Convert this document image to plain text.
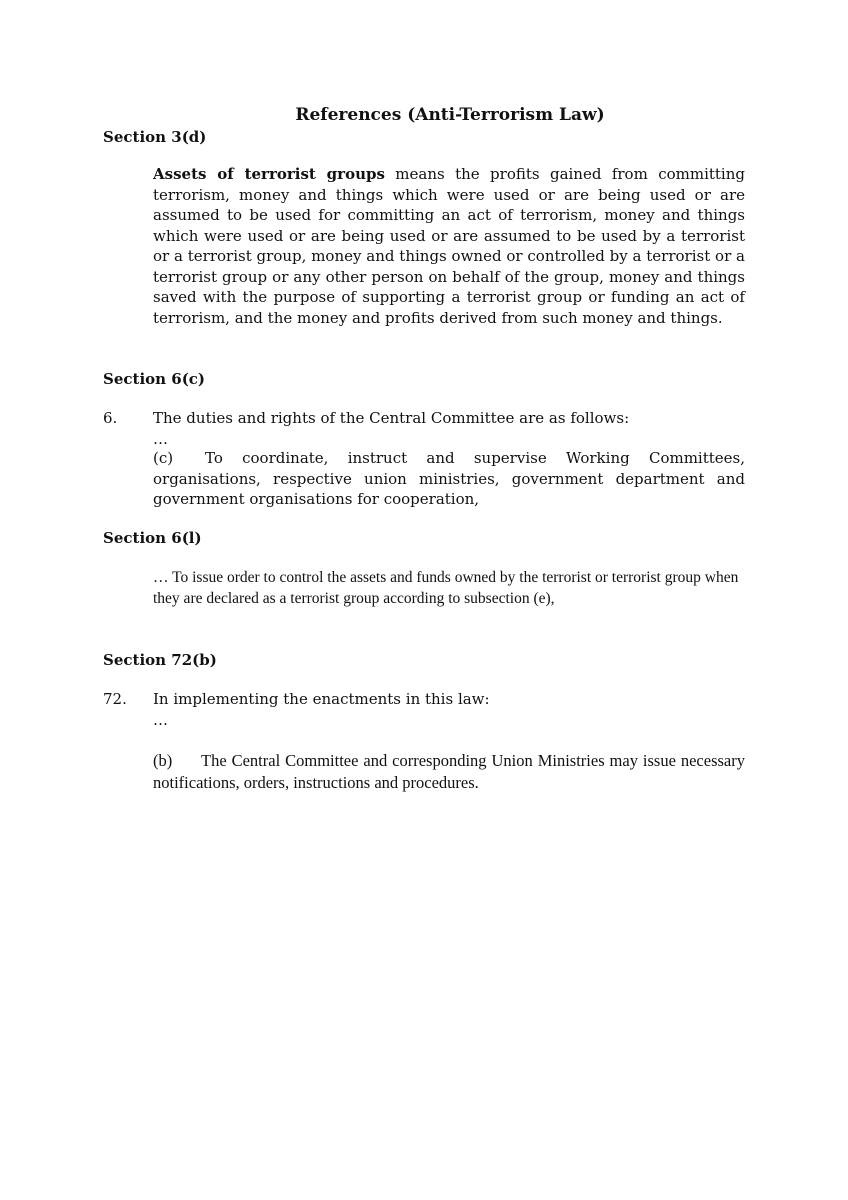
References (Anti-Terrorism Law)
Section 3(d)
Assets of terrorist groups means the profits gained from committing terrorism, money and things which were used or are being used or are assumed to be used for committing an act of terrorism, money and things which were used or are being used or are assumed to be used by a terrorist or a terrorist group, money and things owned or controlled by a terrorist or a terrorist group or any other person on behalf of the group, money and things saved with the purpose of supporting a terrorist group or funding an act of terrorism, and the money and profits derived from such money and things.
Section 6(c)
6. The duties and rights of the Central Committee are as follows:
…
(c) To coordinate, instruct and supervise Working Committees, organisations, respective union ministries, government department and government organisations for cooperation,
Section 6(l)
… To issue order to control the assets and funds owned by the terrorist or terrorist group when they are declared as a terrorist group according to subsection (e),
Section 72(b)
72. In implementing the enactments in this law:
…
(b) The Central Committee and corresponding Union Ministries may issue necessary notifications, orders, instructions and procedures.
